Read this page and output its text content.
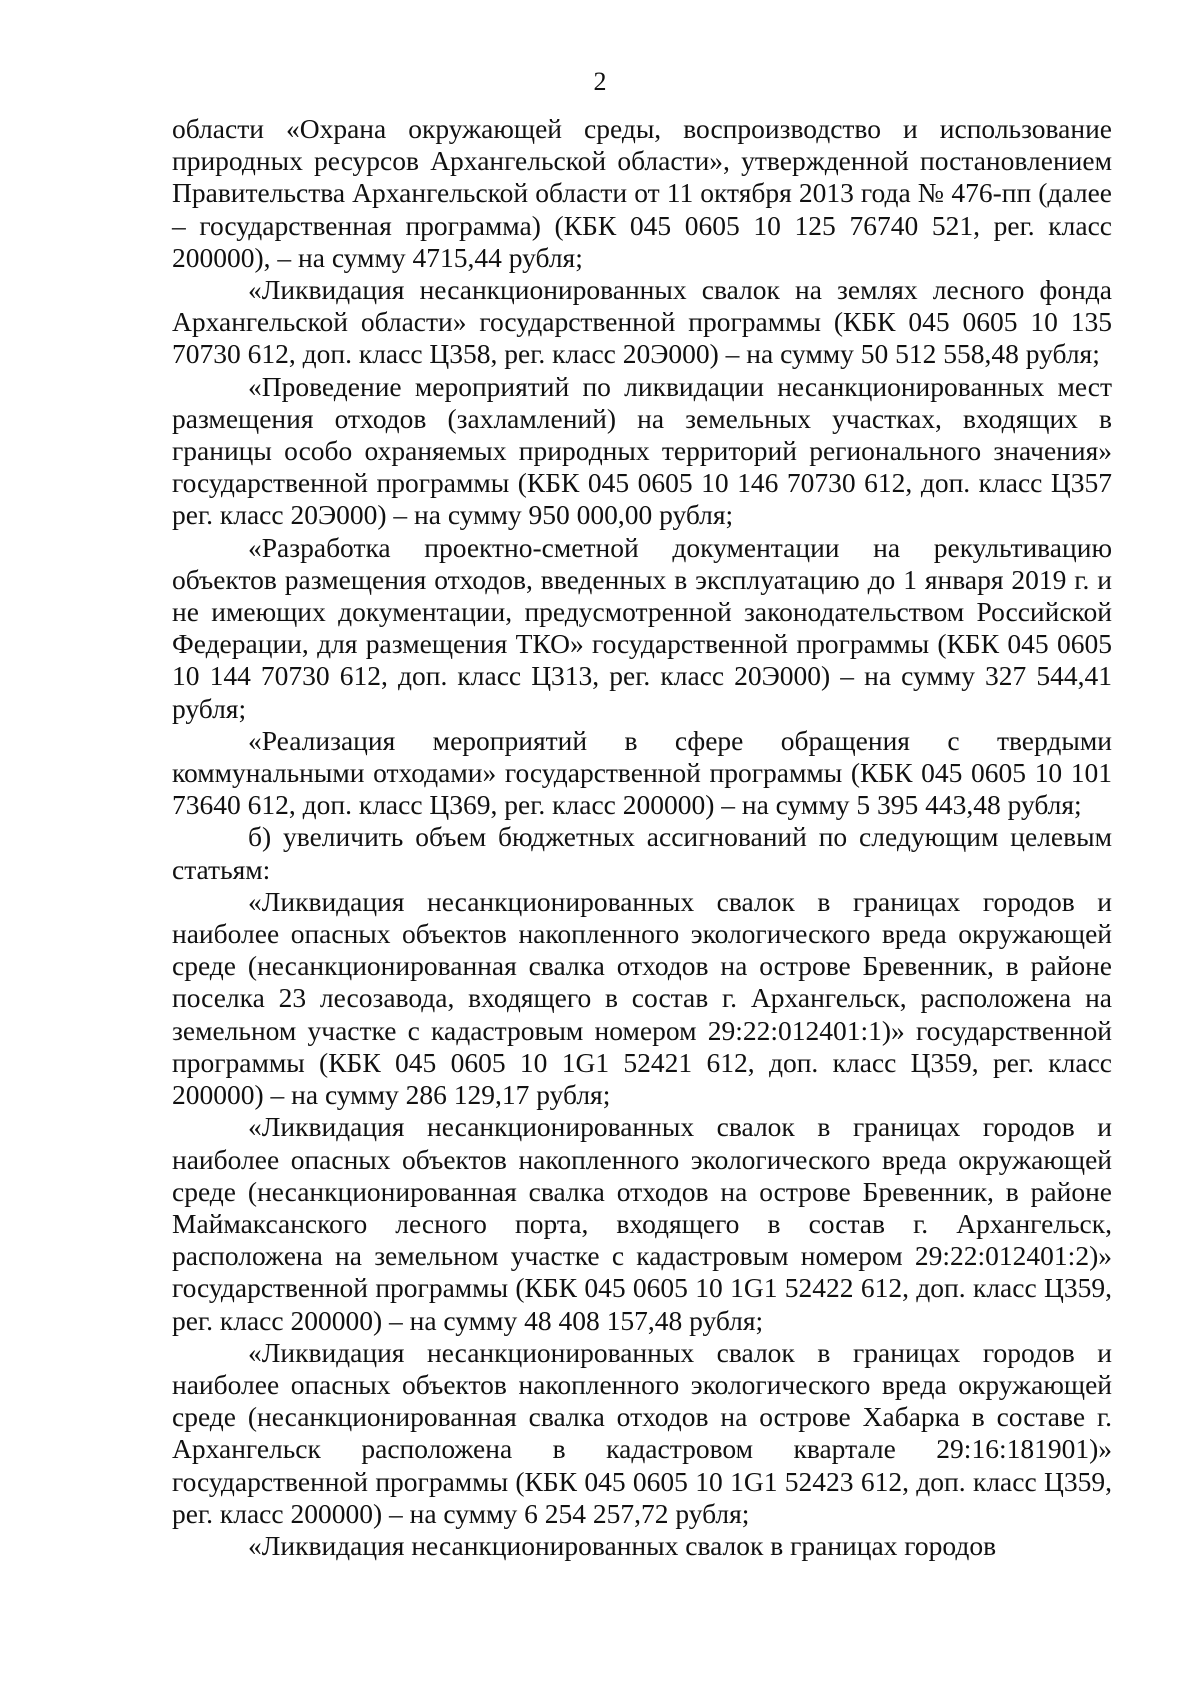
2

области «Охрана окружающей среды, воспроизводство и использование природных ресурсов Архангельской области», утвержденной постановлением Правительства Архангельской области от 11 октября 2013 года № 476-пп (далее – государственная программа) (КБК 045 0605 10 125 76740 521, рег. класс 200000), – на сумму 4715,44 рубля;

«Ликвидация несанкционированных свалок на землях лесного фонда Архангельской области» государственной программы (КБК 045 0605 10 135 70730 612, доп. класс Ц358, рег. класс 20Э000) – на сумму 50 512 558,48 рубля;

«Проведение мероприятий по ликвидации несанкционированных мест размещения отходов (захламлений) на земельных участках, входящих в границы особо охраняемых природных территорий регионального значения» государственной программы (КБК 045 0605 10 146 70730 612, доп. класс Ц357 рег. класс 20Э000) – на сумму 950 000,00 рубля;

«Разработка проектно-сметной документации на рекультивацию объектов размещения отходов, введенных в эксплуатацию до 1 января 2019 г. и не имеющих документации, предусмотренной законодательством Российской Федерации, для размещения ТКО» государственной программы (КБК 045 0605 10 144 70730 612, доп. класс Ц313, рег. класс 20Э000) – на сумму 327 544,41 рубля;

«Реализация мероприятий в сфере обращения с твердыми коммунальными отходами» государственной программы (КБК 045 0605 10 101 73640 612, доп. класс Ц369, рег. класс 200000) – на сумму 5 395 443,48 рубля;

б) увеличить объем бюджетных ассигнований по следующим целевым статьям:

«Ликвидация несанкционированных свалок в границах городов и наиболее опасных объектов накопленного экологического вреда окружающей среде (несанкционированная свалка отходов на острове Бревенник, в районе поселка 23 лесозавода, входящего в состав г. Архангельск, расположена на земельном участке с кадастровым номером 29:22:012401:1)» государственной программы (КБК 045 0605 10 1G1 52421 612, доп. класс Ц359, рег. класс 200000) – на сумму 286 129,17 рубля;

«Ликвидация несанкционированных свалок в границах городов и наиболее опасных объектов накопленного экологического вреда окружающей среде (несанкционированная свалка отходов на острове Бревенник, в районе Маймаксанского лесного порта, входящего в состав г. Архангельск, расположена на земельном участке с кадастровым номером 29:22:012401:2)» государственной программы (КБК 045 0605 10 1G1 52422 612, доп. класс Ц359, рег. класс 200000) – на сумму 48 408 157,48 рубля;

«Ликвидация несанкционированных свалок в границах городов и наиболее опасных объектов накопленного экологического вреда окружающей среде (несанкционированная свалка отходов на острове Хабарка в составе г. Архангельск расположена в кадастровом квартале 29:16:181901)» государственной программы (КБК 045 0605 10 1G1 52423 612, доп. класс Ц359, рег. класс 200000) – на сумму 6 254 257,72 рубля;

«Ликвидация несанкционированных свалок в границах городов
